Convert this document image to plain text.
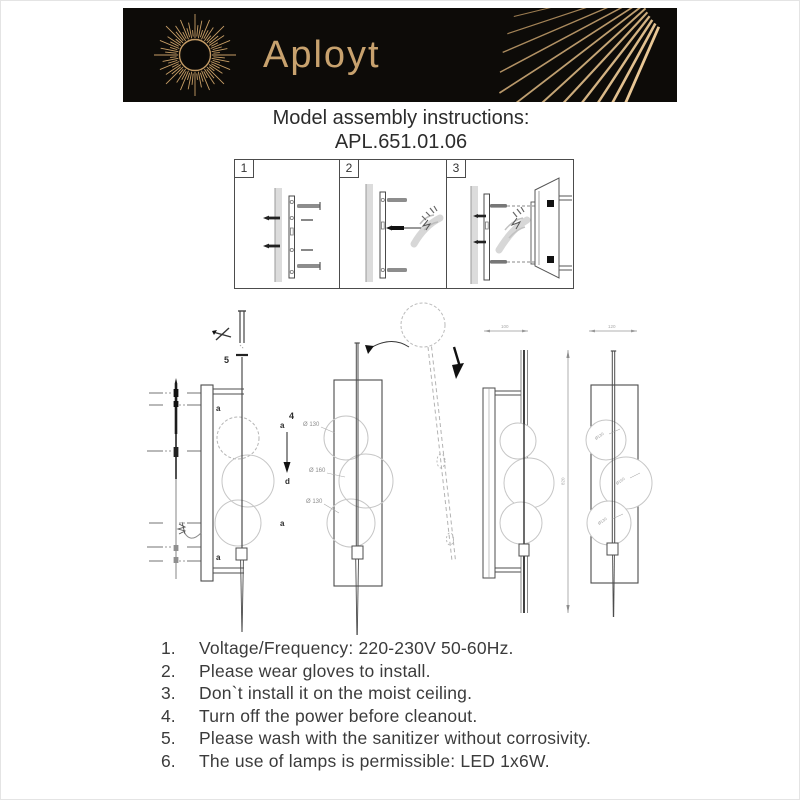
Aployt
Model assembly instructions:
APL.651.01.06
1	2	3
5
a
a
4
a
d
a
Ø 130
Ø 160
Ø 130
100
820
120
Ø130
Ø160
Ø130
1.	Voltage/Frequency: 220-230V 50-60Hz.
2.	Please wear gloves to install.
3.	Don`t install it on the moist ceiling.
4.	Turn off the power before cleanout.
5.	Please wash with the sanitizer without corrosivity.
6.	The use of lamps is permissible: LED 1x6W.
